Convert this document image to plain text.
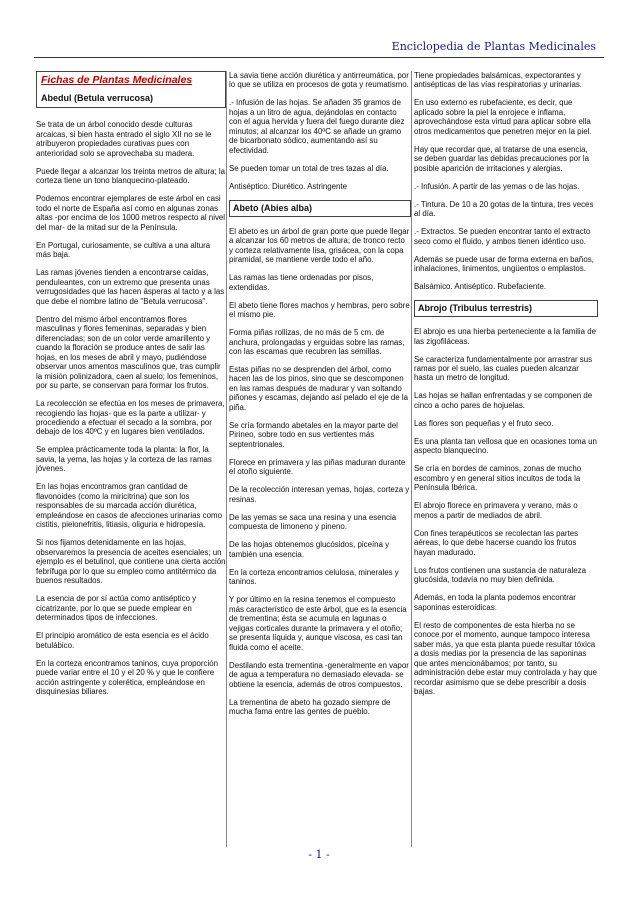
Enciclopedia de Plantas Medicinales
Fichas de Plantas Medicinales
Abedul (Betula verrucosa)

Se trata de un árbol conocido desde culturas arcaicas, si bien hasta entrado el siglo XII no se le atribuyeron propiedades curativas pues con anterioridad solo se aprovechaba su madera.

Puede llegar a alcanzar los treinta metros de altura; la corteza tiene un tono blanquecino-plateado.

Podemos encontrar ejemplares de este árbol en casi todo el norte de España así como en algunas zonas altas -por encima de los 1000 metros respecto al nivel del mar- de la mitad sur de la Península.

En Portugal, curiosamente, se cultiva a una altura más baja.

Las ramas jóvenes tienden a encontrarse caídas, penduleantes, con un extremo que presenta unas verrugosidades que las hacen ásperas al tacto y a las que debe el nombre latino de "Betula verrucosa".

Dentro del mismo árbol encontramos flores masculinas y flores femeninas, separadas y bien diferenciadas; son de un color verde amarillento y cuando la floración se produce antes de salir las hojas, en los meses de abril y mayo, pudiéndose observar unos amentos masculinos que, tras cumplir la misión polinizadora, caen al suelo; los femeninos, por su parte, se conservan para formar los frutos.

La recolección se efectúa en los meses de primavera, recogiendo las hojas- que es la parte a utilizar- y procediendo a efectuar el secado a la sombra, por debajo de los 40ºC y en lugares bien ventilados.

Se emplea prácticamente toda la planta: la flor, la savia, la yema, las hojas y la corteza de las ramas jóvenes.

En las hojas encontramos gran cantidad de flavonoides (como la miricitrina) que son los responsables de su marcada acción diurética, empleándose en casos de afecciones urinarias como cistitis, pielonefritis, litiasis, oliguria e hidropesía.

Si nos fijamos detenidamente en las hojas, observaremos la presencia de aceites esenciales; un ejemplo es el betulinol, que contiene una cierta acción febrífuga por lo que su empleo como antitérmico da buenos resultados.

La esencia de por sí actúa como antiséptico y cicatrizante, por lo que se puede emplear en determinados tipos de infecciones.

El principio aromático de esta esencia es el ácido betulábico.

En la corteza encontramos taninos, cuya proporción puede variar entre el 10 y el 20 % y que le confiere acción astringente y colerética, empleándose en disquinesias biliares.

La savia tiene acción diurética y antirreumática, por lo que se utiliza en procesos de gota y reumatismo.

.- Infusión de las hojas. Se añaden 35 gramos de hojas a un litro de agua, dejándolas en contacto con el agua hervida y fuera del fuego durante diez minutos; al alcanzar los 40ºC se añade un gramo de bicarbonato sódico, aumentando así su efectividad.

Se pueden tomar un total de tres tazas al día.

Antiséptico. Diurético. Astringente

Abeto (Abies alba)

El abeto es un árbol de gran porte que puede llegar a alcanzar los 60 metros de altura; de tronco recto y corteza relativamente lisa, grisácea, con la copa piramidal, se mantiene verde todo el año.

Las ramas las tiene ordenadas por pisos, extendidas.

El abeto tiene flores machos y hembras, pero sobre el mismo pie.

Forma piñas rollizas, de no más de 5 cm. de anchura, prolongadas y erguidas sobre las ramas, con las escamas que recubren las semillas.

Estas piñas no se desprenden del árbol, como hacen las de los pinos, sino que se descomponen en las ramas después de madurar y van soltando piñones y escamas, dejando así pelado el eje de la piña.

Se cría formando abetales en la mayor parte del Pirineo, sobre todo en sus vertientes más septentrionales.

Florece en primavera y las piñas maduran durante el otoño siguiente.

De la recolección interesan yemas, hojas, corteza y resinas.

De las yemas se saca una resina y una esencia compuesta de limoneno y pineno.

De las hojas obtenemos glucósidos, piceína y también una esencia.

En la corteza encontramos celulosa, minerales y taninos.

Y por último en la resina tenemos el compuesto más característico de este árbol, que es la esencia de trementina; ésta se acumula en lagunas o vejigas corticales durante la primavera y el otoño; se presenta líquida y, aunque viscosa, es casi tan fluida como el aceite.

Destilando esta trementina -generalmente en vapor de agua a temperatura no demasiado elevada- se obtiene la esencia, además de otros compuestos.

La trementina de abeto ha gozado siempre de mucha fama entre las gentes de pueblo.

Tiene propiedades balsámicas, expectorantes y antisépticas de las vías respiratorias y urinarias.

En uso externo es rubefaciente, es decir, que aplicado sobre la piel la enrojece e inflama, aprovechándose esta virtud para aplicar sobre ella otros medicamentos que penetren mejor en la piel.

Hay que recordar que, al tratarse de una esencia, se deben guardar las debidas precauciones por la posible aparición de irritaciones y alergias.

.- Infusión. A partir de las yemas o de las hojas.

.- Tintura. De 10 a 20 gotas de la tintura, tres veces al día.

.- Extractos. Se pueden encontrar tanto el extracto seco como el fluido, y ambos tienen idéntico uso.

Además se puede usar de forma externa en baños, inhalaciones, linimentos, ungüentos o emplastos.

Balsámico. Antiséptico. Rubefaciente.

Abrojo (Tribulus terrestris)

El abrojo es una hierba perteneciente a la familia de las zigofiláceas.

Se caracteriza fundamentalmente por arrastrar sus ramas por el suelo, las cuales pueden alcanzar hasta un metro de longitud.

Las hojas se hallan enfrentadas y se componen de cinco a ocho pares de hojuelas.

Las flores son pequeñas y el fruto seco.

Es una planta tan vellosa que en ocasiones toma un aspecto blanquecino.

Se cría en bordes de caminos, zonas de mucho escombro y en general sitios incultos de toda la Península Ibérica.

El abrojo florece en primavera y verano, más o menos a partir de mediados de abril.

Con fines terapéuticos se recolectan las partes aéreas, lo que debe hacerse cuando los frutos hayan madurado.

Los frutos contienen una sustancia de naturaleza glucósida, todavía no muy bien definida.

Además, en toda la planta podemos encontrar saponinas esteroídicas.

El resto de componentes de esta hierba no se conoce por el momento, aunque tampoco interesa saber más, ya que esta planta puede resultar tóxica a dosis medias por la presencia de las saponinas que antes mencionábamos; por tanto, su administración debe estar muy controlada y hay que recordar asimismo que se debe prescribir a dosis bajas.

- 1 -
